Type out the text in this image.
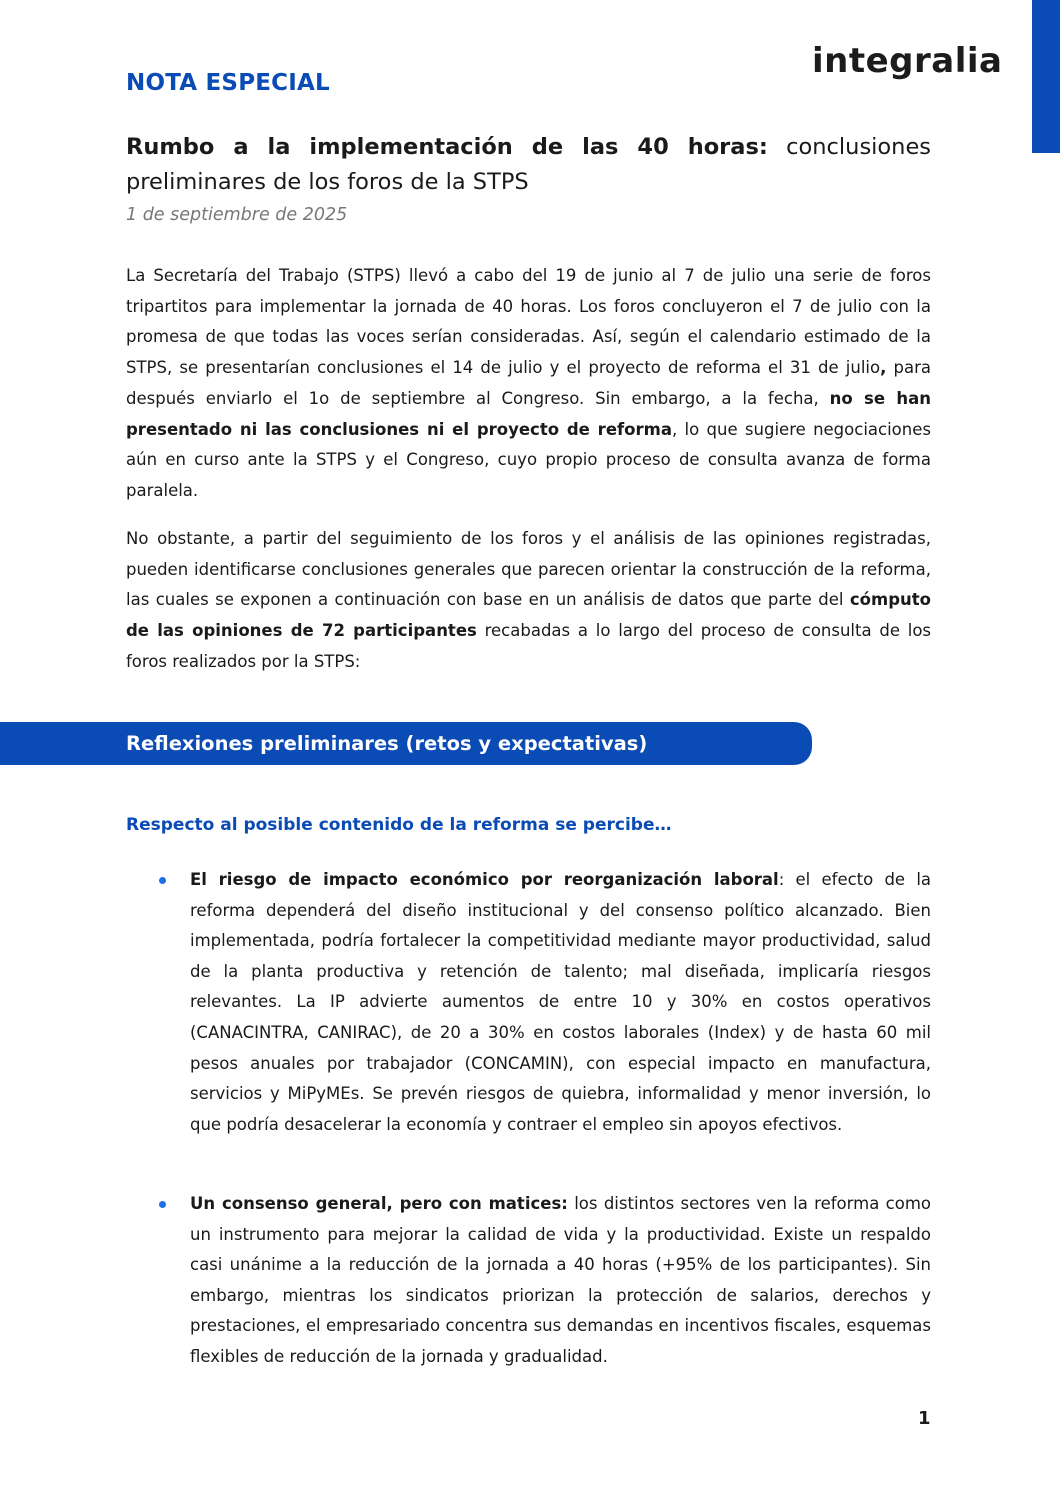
integralia
NOTA ESPECIAL
Rumbo a la implementación de las 40 horas: conclusiones preliminares de los foros de la STPS

1 de septiembre de 2025

La Secretaría del Trabajo (STPS) llevó a cabo del 19 de junio al 7 de julio una serie de foros tripartitos para implementar la jornada de 40 horas. Los foros concluyeron el 7 de julio con la promesa de que todas las voces serían consideradas. Así, según el calendario estimado de la STPS, se presentarían conclusiones el 14 de julio y el proyecto de reforma el 31 de julio, para después enviarlo el 1o de septiembre al Congreso. Sin embargo, a la fecha, no se han presentado ni las conclusiones ni el proyecto de reforma, lo que sugiere negociaciones aún en curso ante la STPS y el Congreso, cuyo propio proceso de consulta avanza de forma paralela.

No obstante, a partir del seguimiento de los foros y el análisis de las opiniones registradas, pueden identificarse conclusiones generales que parecen orientar la construcción de la reforma, las cuales se exponen a continuación con base en un análisis de datos que parte del cómputo de las opiniones de 72 participantes recabadas a lo largo del proceso de consulta de los foros realizados por la STPS:

Reflexiones preliminares (retos y expectativas)
Respecto al posible contenido de la reforma se percibe…

El riesgo de impacto económico por reorganización laboral: el efecto de la reforma dependerá del diseño institucional y del consenso político alcanzado. Bien implementada, podría fortalecer la competitividad mediante mayor productividad, salud de la planta productiva y retención de talento; mal diseñada, implicaría riesgos relevantes. La IP advierte aumentos de entre 10 y 30% en costos operativos (CANACINTRA, CANIRAC), de 20 a 30% en costos laborales (Index) y de hasta 60 mil pesos anuales por trabajador (CONCAMIN), con especial impacto en manufactura, servicios y MiPyMEs. Se prevén riesgos de quiebra, informalidad y menor inversión, lo que podría desacelerar la economía y contraer el empleo sin apoyos efectivos.

Un consenso general, pero con matices: los distintos sectores ven la reforma como un instrumento para mejorar la calidad de vida y la productividad. Existe un respaldo casi unánime a la reducción de la jornada a 40 horas (+95% de los participantes). Sin embargo, mientras los sindicatos priorizan la protección de salarios, derechos y prestaciones, el empresariado concentra sus demandas en incentivos fiscales, esquemas flexibles de reducción de la jornada y gradualidad.

1
